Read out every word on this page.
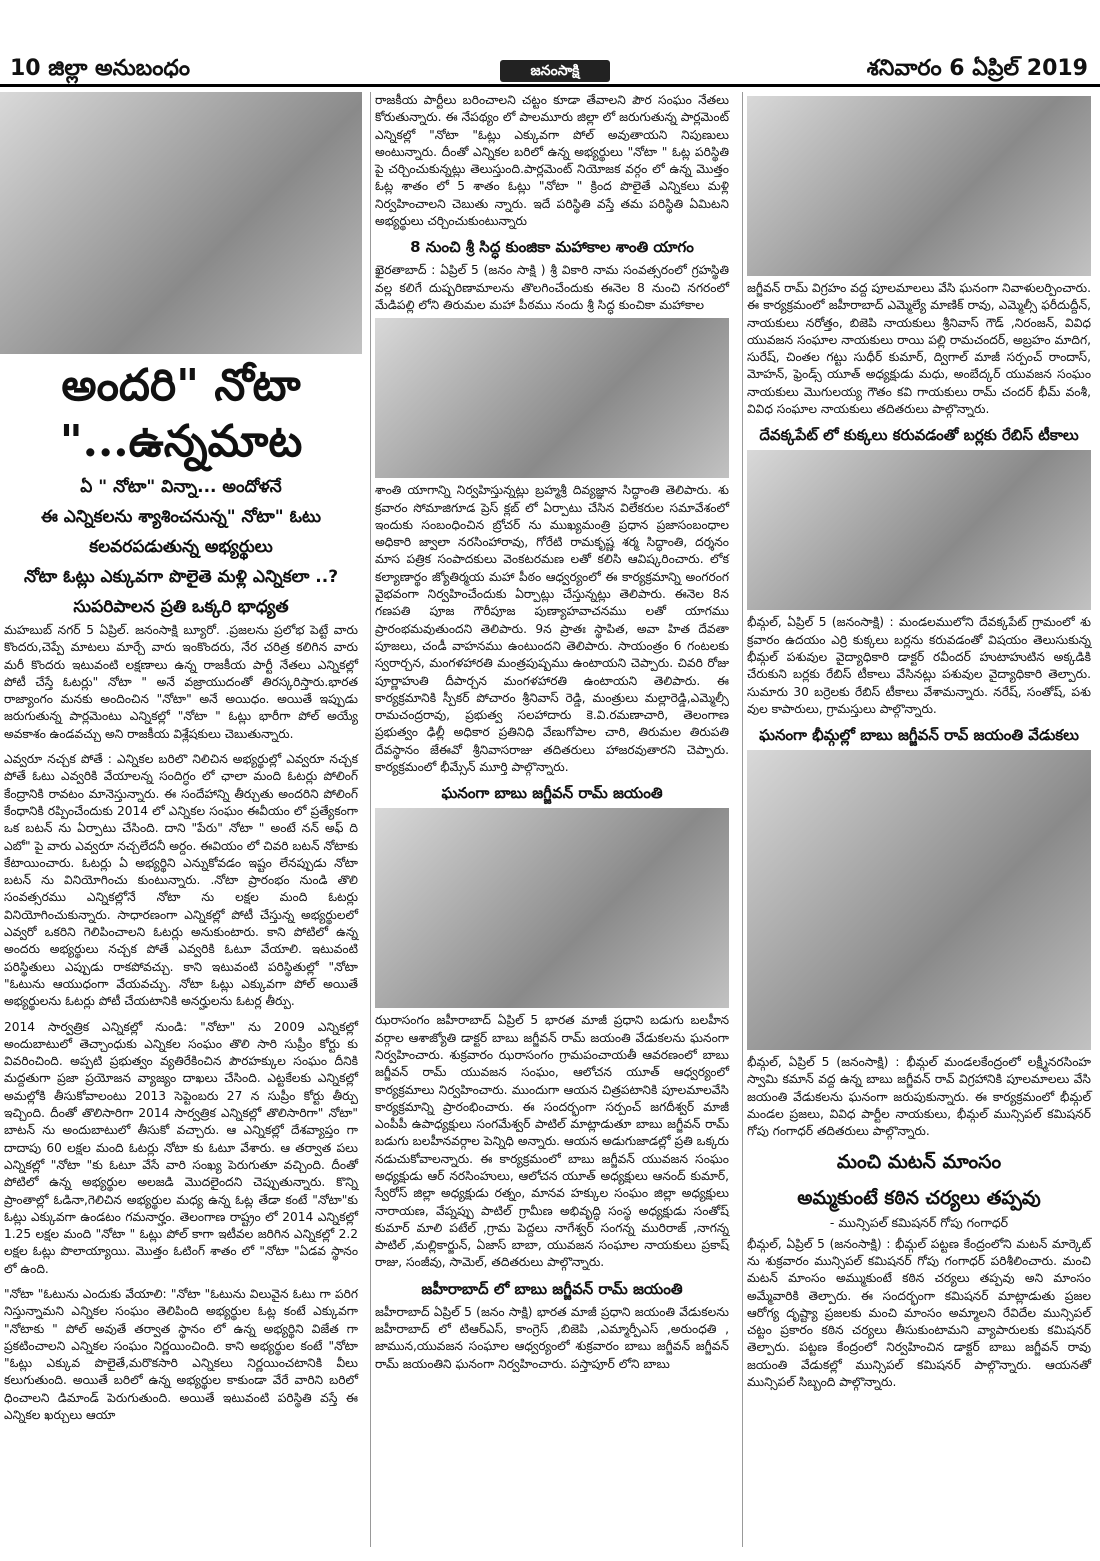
10 జిల్లా అనుబంధం	జనంసాక్షి	శనివారం 6 ఏప్రిల్ 2019
అందరి" నోటా "...ఉన్నమాట
ఏ " నోటా" విన్నా... అందోళనే
ఈ ఎన్నికలను శ్యాశించనున్న" నోటా" ఓటు
కలవరపడుతున్న అభ్యర్థులు
నోటా ఓట్లు ఎక్కువగా పొలైతె మళ్లి ఎన్నికలా ..?
సుపరిపాలన ప్రతి ఒక్కరి భాధ్యత

మహబుబ్ నగర్ 5 ఏప్రిల్. జనంసాక్షి బ్యూరో. .ప్రజలను ప్రలోభ పెట్టే వారు కొందరు,చెప్పే మాటలు మార్చే వారు ఇంకొందరు, నేర చరిత్ర కలిగిన వారు మరీ కొందరు ఇటువంటి లక్షణాలు ఉన్న రాజకీయ పార్టీ నేతలు ఎన్నికల్లో పోటీ చేస్తే ఓటర్లు" నోటా " అనే వజ్రాయుదంతో తిరస్కరిస్తారు.భారత రాజ్యాంగం మనకు అందించిన "నోటా" అనే అయిధం. అయితే ఇప్పుడు జరుగుతున్న పార్లమెంటు ఎన్నికల్లో "నోటా " ఓట్లు భారీగా పోల్ అయ్యే అవకాశం ఉండవచ్చు అని రాజకీయ విశ్లేషకులు చెబుతున్నారు.

ఎవ్వరూ నచ్చక పోతే : ఎన్నికల బరిలొ నిలిచిన అభ్యర్థుల్లో ఎవ్వరూ నచ్చక పోతే ఓటు ఎవ్వరికి వేయాలన్న సందిగ్ధం లో ఛాలా మంది ఓటర్లు పోలింగ్ కేంద్రానికి రావటం మానెస్తున్నారు. ఈ సందేహాన్ని తీర్చుతు అందరిని పోలింగ్ కేంధానికి రప్పించేందుకు 2014 లో ఎన్నికల సంఘం ఈవీయం లో ప్రత్యేకంగా ఒక బటన్ ను ఏర్పాటు చేసింది. దాని "పేరు" నోటా " అంటే నన్ అఫ్ ది ఎబో" పై వారు ఎవ్వరూ నచ్చలేదనీ అర్దం. ఈవియం లో చివరి బటన్ నోటాకు కేటాయించారు. ఓటర్లు ఏ అభ్యర్థిని ఎన్నుకోవడం ఇష్టం లేనప్పుడు నోటా బటన్ ను వినియోగించు కుంటున్నారు. .నోటా ప్రారంభం నుండి తొలి సంవత్సరము ఎన్నికల్లోనే నోటా ను లక్షల మంది ఓటర్లు వినియోగించుకున్నారు. సాధారణంగా ఎన్నికల్లో పోటీ చేస్తున్న అభ్యర్థులలో ఎవ్వరో ఒకరిని గెలిపించాలని ఓటర్లు అనుకుంటారు. కాని పోటిలో ఉన్న అందరు అభ్యర్థులు నచ్చక పోతే ఎవ్వరికి ఓటూ వేయాలి. ఇటువంటి పరిస్థితులు ఎప్పుడు రాకపోవచ్చు. కాని ఇటువంటి పరిస్థితుల్లో "నోటా "ఓటును ఆయుధంగా వేయవచ్చు. నోటా ఓట్లు ఎక్కువగా పోల్ అయితే అభ్యర్థులను ఓటర్లు పోటీ చేయటానికి అనర్హులను ఓటర్ల తీర్పు.

2014 సార్వత్రిక ఎన్నికల్లో నుండి: "నోటా" ను 2009 ఎన్నికల్లో అందుబాటులో తెచ్చాంధుకు ఎన్నికల సంఘం తొలి సారి సుప్రీం కోర్టు కు వివరించింది. అప్పటి ప్రభుత్వం వ్యతిరేకించిన పౌరహక్కుల సంఘం దీనికి మద్దతుగా ప్రజా ప్రయోజన వ్యాజ్యం దాఖలు చేసింది. ఎట్టకేలకు ఎన్నికల్లో అమల్లోకి తీసుకోవాలంటు 2013 సెప్టెంబరు 27 న సుప్రీం కోర్టు తీర్పు ఇచ్చింది. దీంతో తొలిసారిగా 2014 సార్వత్రిక ఎన్నికల్లో తొలిసారిగా" నోటా" బాటన్ ను అందుబాటులో తీసుకో వచ్చారు. ఆ ఎన్నికల్లో దేశవ్యాప్తం గా దాదాపు 60 లక్షల మంది ఓటర్లు నోటా కు ఓటూ వేశారు. ఆ తర్వాత పలు ఎన్నికల్లో "నోటా "కు ఓటూ వేసే వారి సంఖ్య పెరుగుతూ వచ్చింది. దీంతో పోటిలో ఉన్న అభ్యర్థుల అలజడి మొదలైందని చెప్పుతున్నారు. కొన్ని ప్రాంతాల్లో ఓడినా,గెలిచిన అభ్యర్థుల మధ్య ఉన్న ఓట్ల తేడా కంటే "నోటా"కు ఓట్లు ఎక్కువగా ఉండటం గమనార్హం. తెలంగాణ రాష్ట్రం లో 2014 ఎన్నికల్లో 1.25 లక్షల మంది "నోటా " ఓట్లు పోల్ కాగా ఇటీవల జరిగిన ఎన్నికల్లో 2.2 లక్షల ఓట్లు పొలాయ్యాయి. మొత్తం ఓటింగ్ శాతం లో "నోటా "ఏడవ స్థానం లో ఉంది.

"నోటా "ఓటును ఎందుకు వేయాలి: "నోటా "ఓటును విలువైన ఓటు గా పరిగ నిస్తున్నామని ఎన్నికల సంఘం తెలిపింది అభ్యర్థుల ఓట్ల కంటే ఎక్కువగా "నోటాకు " పోల్ అవుతే తర్వాత స్థానం లో ఉన్న అభ్యర్థిని విజేత గా ప్రకటించాలని ఎన్నికల సంఘం నిర్ణయించింది. కాని అభ్యర్థుల కంటే "నోటా "ఓట్లు ఎక్కువ పొలైతే,మరొకసారి ఎన్నికలు నిర్ణయించటానికి వీలు కలుగుతుంది. అయితే బరిలో ఉన్న అభ్యర్థుల కాకుండా వేరే వారిని బరిలో ధించాలని డిమాండ్ పెరుగుతుంది. అయితే ఇటువంటి పరిస్థితి వస్తే ఈ ఎన్నికల ఖర్చులు ఆయా

రాజకీయ పార్టీలు బరించాలని చట్టం కూడా తేవాలని పౌర సంఘం నేతలు కోరుతున్నారు. ఈ నేపథ్యం లో పాలమూరు జిల్లా లో జరుగుతున్న పార్లమెంట్ ఎన్నికల్లో "నోటా "ఓట్లు ఎక్కువగా పోల్ అవుతాయని నిపుణులు అంటున్నారు. దీంతో ఎన్నికల బరిలో ఉన్న అభ్యర్థులు "నోటా " ఓట్ల పరిస్థితి పై చర్చించుకున్నట్లు తెలుస్తుంది.పార్లమెంట్ నియోజక వర్గం లో ఉన్న మొత్తం ఓట్ల శాతం లో 5 శాతం ఓట్లు "నోటా " క్రింద పొలైతే ఎన్నికలు మళ్లి నిర్వహించాలని చెబుతు న్నారు. ఇదే పరిస్థితి వస్తే తమ పరిస్థితి ఏమిటని అభ్యర్థులు చర్చించుకుంటున్నారు

8 నుంచి శ్రీ సిద్ధ కుంజికా మహాకాల శాంతి యాగం

ఖైరతాబాద్ : ఏప్రిల్ 5 (జనం సాక్షి ) శ్రీ వికారి నామ సంవత్సరంలో గ్రహస్థితి వల్ల కలిగే దుష్పరిణామాలను తొలగించేందుకు ఈనెల 8 నుంచి నగరంలో మేడిపల్లి లోని తిరుమల మహా పీఠము నందు శ్రీ సిద్ధ కుంచికా మహాకాల

శాంతి యాగాన్ని నిర్వహిస్తున్నట్లు బ్రహ్మశ్రీ దివ్యజ్ఞాన సిద్ధాంతి తెలిపారు. శు క్రవారం సోమాజిగూడ ప్రెస్ క్లబ్ లో ఏర్పాటు చేసిన విలేకరుల సమావేశంలో ఇందుకు సంబంధించిన బ్రోచర్ ను ముఖ్యమంత్రి ప్రధాన ప్రజాసంబంధాల అధికారి జ్వాలా నరసింహారావు, గోరేటి రామకృష్ణ శర్మ సిద్ధాంతి, దర్శనం మాస పత్రిక సంపాదకులు వెంకటరమణ లతో కలిసి ఆవిష్కరించారు. లోక కల్యాణార్థం జ్యోతిర్మయ మహా పీఠం ఆధ్వర్యంలో ఈ కార్యక్రమాన్ని అంగరంగ వైభవంగా నిర్వహించేందుకు ఏర్పాట్లు చేస్తున్నట్లు తెలిపారు. ఈనెల 8న గణపతి పూజ గౌరీపూజ పుణ్యాహవాచనము లతో యాగము ప్రారంభమవుతుందని తెలిపారు. 9న ప్రాతః స్థాపిత, అవా హిత దేవతా పూజలు, చండీ వాహనము ఉంటుందని తెలిపారు. సాయంత్రం 6 గంటలకు స్వరార్చన, మంగళహారతి మంత్రపుష్పము ఉంటాయని చెప్పారు. చివరి రోజు పూర్ణాహుతి దీపార్చన మంగళహారతి ఉంటాయని తెలిపారు. ఈ కార్యక్రమానికి స్పీకర్ పోచారం శ్రీనివాస్ రెడ్డి, మంత్రులు మల్లారెడ్డి,ఎమ్మెల్సీ రామచంద్రరావు, ప్రభుత్వ సలహాదారు కె.వి.రమణాచారి, తెలంగాణ ప్రభుత్వం ఢిల్లీ అధికార ప్రతినిధి వేణుగోపాల చారి, తిరుమల తిరుపతి దేవస్థానం జేఈవో శ్రీనివాసరాజు తదితరులు హాజరవుతారని చెప్పారు. కార్యక్రమంలో భీమ్సేన్ మూర్తి పాల్గొన్నారు.

ఘనంగా బాబు జగ్జీవన్ రామ్ జయంతి

ఝరాసంగం జహీరాబాద్ ఏప్రిల్ 5 భారత మాజీ ప్రధాని బడుగు బలహీన వర్గాల ఆశాజ్యోతి డాక్టర్ బాబు జగ్జీవన్ రామ్ జయంతి వేడుకలను ఘనంగా నిర్వహించారు. శుక్రవారం ఝరాసంగం గ్రామపంచాయతీ ఆవరణంలో బాబు జగ్జీవన్ రామ్ యువజన సంఘం, ఆలోచన యూత్ ఆధ్వర్యంలో కార్యక్రమాలు నిర్వహించారు. ముందుగా ఆయన చిత్రపటానికి పూలమాలవేసి కార్యక్రమాన్ని ప్రారంభించారు. ఈ సందర్భంగా సర్పంచ్ జగదీశ్వర్ మాజీ ఎంపీపీ ఉపాధ్యక్షులు సంగమేశ్వర్ పాటిల్ మాట్లాడుతూ బాబు జగ్జీవన్ రామ్ బడుగు బలహీనవర్గాల పెన్నిధి అన్నారు. ఆయన అడుగుజాడల్లో ప్రతి ఒక్కరు నడుచుకోవాలన్నారు. ఈ కార్యక్రమంలో బాబు జగ్జీవన్ యువజన సంఘం అధ్యక్షుడు ఆర్ నరసింహులు, ఆలోచన యూత్ అధ్యక్షులు ఆనంద్ కుమార్, స్వేరోస్ జిల్లా అధ్యక్షుడు రత్నం, మానవ హక్కుల సంఘం జిల్లా అధ్యక్షులు నారాయణ, వేప్నప్పు పాటిల్ గ్రామీణ అభివృద్ధి సంస్థ అధ్యక్షుడు సంతోష్ కుమార్ మాలి పటేల్ ,గ్రామ పెద్దలు నాగేశ్వర్ సంగన్న మురిరాజ్ ,నాగన్న పాటిల్ ,మల్లికార్జున్, ఏజాస్ బాబా, యువజన సంఘాల నాయకులు ప్రకాష్ రాజు, సంజీవు, సామెల్, తదితరులు పాల్గొన్నారు.

జహీరాబాద్ లో బాబు జగ్జీవన్ రామ్ జయంతి

జహీరాబాద్ ఏప్రిల్ 5 (జనం సాక్షి) భారత మాజీ ప్రధాని జయంతి వేడుకలను జహీరాబాద్ లో టిఆర్ఎస్, కాంగ్రెస్ ,బిజెపి ,ఎమ్మార్పీఎస్ ,అరుంధతి , జామున,యువజన సంఘాల ఆధ్వర్యంలో శుక్రవారం బాబు జగ్జీవన్ జగ్జీవన్ రామ్ జయంతిని ఘనంగా నిర్వహించారు. పస్తాపూర్ లోని బాబు

జగ్జీవన్ రామ్ విగ్రహం వద్ద పూలమాలలు వేసి ఘనంగా నివాళులర్పించారు. ఈ కార్యక్రమంలో జహీరాబాద్ ఎమ్మెల్యే మాణిక్ రావు, ఎమ్మెల్సీ ఫరీదుద్దీన్, నాయకులు నరోత్తం, బిజెపి నాయకులు శ్రీనివాస్ గౌడ్ ,నిరంజన్, వివిధ యువజన సంఘాల నాయకులు రాయి పల్లి రామచందర్, అబ్రహం మాదిగ, సురేష్, చింతల గట్టు సుధీర్ కుమార్, ద్విగాల్ మాజీ సర్పంచ్ రాందాస్, మోహన్, ఫ్రెండ్స్ యూత్ అధ్యక్షుడు మధు, అంబేద్కర్ యువజన సంఘం నాయకులు మొగులయ్య గౌతం కవి గాయకులు రామ్ చందర్ భీమ్ వంశీ, వివిధ సంఘాల నాయకులు తదితరులు పాల్గొన్నారు.

దేవక్కపేట్ లో కుక్కలు కరువడంతో బర్లకు రేబిస్ టీకాలు

భీమ్గల్, ఏప్రిల్ 5 (జనంసాక్షి) : మండలములోని దేవక్కపేట్ గ్రామంలో శు క్రవారం ఉదయం ఎర్రి కుక్కలు బర్లను కరువడంతో విషయం తెలుసుకున్న భీమ్గల్ పశువుల వైద్యాధికారి డాక్టర్ రవీందర్ హుటాహుటిన అక్కడికి చేరుకుని బర్లకు రేబిస్ టీకాలు వేసినట్లు పశువుల వైద్యాధికారి తెల్పారు. సుమారు 30 బర్రెలకు రేబిస్ టీకాలు వేశామన్నారు. నరేష్, సంతోష్, పశు వుల కాపారులు, గ్రామస్తులు పాల్గొన్నారు.

ఘనంగా భీమ్గల్లో బాబు జగ్జీవన్ రావ్ జయంతి వేడుకలు

భీమ్గల్, ఏప్రిల్ 5 (జనంసాక్షి) : భీమ్గల్ మండలకేంద్రంలో లక్ష్మీనరసింహ స్వామి కమాన్ వద్ద ఉన్న బాబు జగ్జీవన్ రావ్ విగ్రహానికి పూలమాలలు వేసి జయంతి వేడుకలను ఘనంగా జరుపుకున్నారు. ఈ కార్యక్రమంలో భీమ్గల్ మండల ప్రజలు, వివిధ పార్టీల నాయకులు, భీమ్గల్ మున్సిపల్ కమిషనర్ గోపు గంగాధర్ తదితరులు పాల్గొన్నారు.

మంచి మటన్ మాంసం
అమ్మకుంటే కఠిన చర్యలు తప్పవు
- మున్సిపల్ కమిషనర్ గోపు గంగాధర్

భీమ్గల్, ఏప్రిల్ 5 (జనంసాక్షి) : భీమ్గల్ పట్టణ కేంద్రంలోని మటన్ మార్కెట్ ను శుక్రవారం మున్సిపల్ కమిషనర్ గోపు గంగాధర్ పరిశీలించారు. మంచి మటన్ మాంసం అమ్ముకుంటే కఠిన చర్యలు తప్పవు అని మాంసం అమ్మేవారికి తెల్పారు. ఈ సందర్భంగా కమిషనర్ మాట్లాడుతు ప్రజల ఆరోగ్య దృష్ట్యా ప్రజలకు మంచి మాంసం అమ్మాలని రేవిదేల మున్సిపల్ చట్టం ప్రకారం కఠిన చర్యలు తీసుకుంటామని వ్యాపారులకు కమిషనర్ తెల్పారు. పట్టణ కేంద్రంలో నిర్వహించిన డాక్టర్ బాబు జగ్జీవన్ రావు జయంతి వేడుకల్లో మున్సిపల్ కమిషనర్ పాల్గొన్నారు. ఆయనతో మున్సిపల్ సిబ్బంది పాల్గొన్నారు.
